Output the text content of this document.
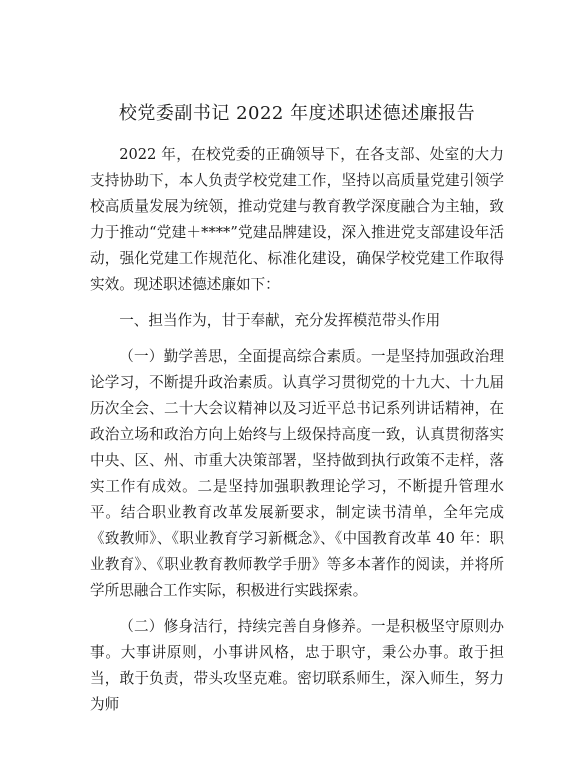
校党委副书记 2022 年度述职述德述廉报告

2022 年，在校党委的正确领导下，在各支部、处室的大力支持协助下，本人负责学校党建工作，坚持以高质量党建引领学校高质量发展为统领，推动党建与教育教学深度融合为主轴，致力于推动“党建＋****”党建品牌建设，深入推进党支部建设年活动，强化党建工作规范化、标准化建设，确保学校党建工作取得实效。现述职述德述廉如下：

一、担当作为，甘于奉献，充分发挥模范带头作用

（一）勤学善思，全面提高综合素质。一是坚持加强政治理论学习，不断提升政治素质。认真学习贯彻党的十九大、十九届历次全会、二十大会议精神以及习近平总书记系列讲话精神，在政治立场和政治方向上始终与上级保持高度一致，认真贯彻落实中央、区、州、市重大决策部署，坚持做到执行政策不走样，落实工作有成效。二是坚持加强职教理论学习，不断提升管理水平。结合职业教育改革发展新要求，制定读书清单，全年完成《致教师》、《职业教育学习新概念》、《中国教育改革 40 年：职业教育》、《职业教育教师教学手册》等多本著作的阅读，并将所学所思融合工作实际，积极进行实践探索。

（二）修身洁行，持续完善自身修养。一是积极坚守原则办事。大事讲原则，小事讲风格，忠于职守，秉公办事。敢于担当，敢于负责，带头攻坚克难。密切联系师生，深入师生，努力为师
